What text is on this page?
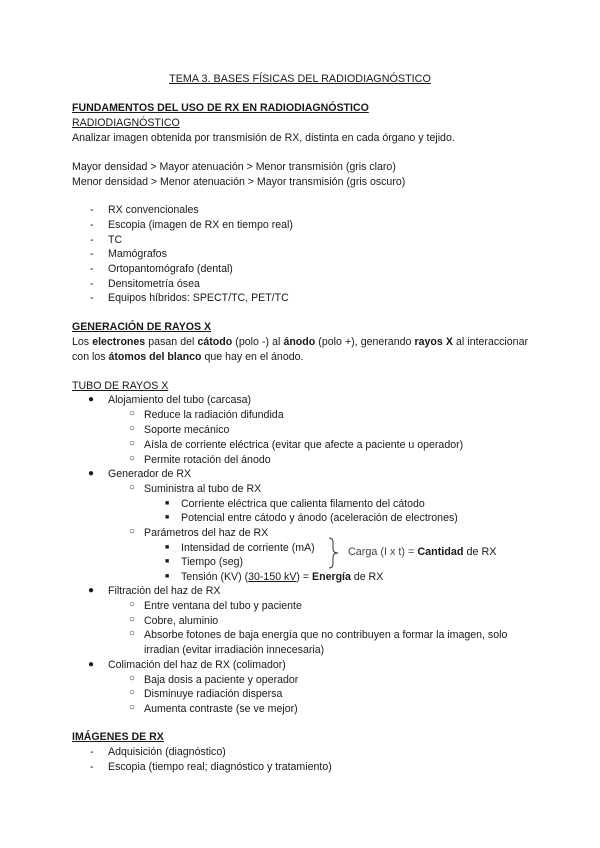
TEMA 3. BASES FÍSICAS DEL RADIODIAGNÓSTICO
FUNDAMENTOS DEL USO DE RX EN RADIODIAGNÓSTICO
RADIODIAGNÓSTICO
Analizar imagen obtenida por transmisión de RX, distinta en cada órgano y tejido.
Mayor densidad > Mayor atenuación > Menor transmisión (gris claro)
Menor densidad > Menor atenuación > Mayor transmisión (gris oscuro)
- RX convencionales
- Escopia (imagen de RX en tiempo real)
- TC
- Mamógrafos
- Ortopantomógrafo (dental)
- Densitometría ósea
- Equipos híbridos: SPECT/TC, PET/TC
GENERACIÓN DE RAYOS X
Los electrones pasan del cátodo (polo -) al ánodo (polo +), generando rayos X al interaccionar con los átomos del blanco que hay en el ánodo.
TUBO DE RAYOS X
● Alojamiento del tubo (carcasa)
○ Reduce la radiación difundida
○ Soporte mecánico
○ Aísla de corriente eléctrica (evitar que afecte a paciente u operador)
○ Permite rotación del ánodo
● Generador de RX
○ Suministra al tubo de RX
■ Corriente eléctrica que calienta filamento del cátodo
■ Potencial entre cátodo y ánodo (aceleración de electrones)
○ Parámetros del haz de RX
■ Intensidad de corriente (mA)
■ Tiempo (seg)
■ Tensión (KV) (30-150 kV) = Energía de RX
Carga (I x t) = Cantidad de RX
● Filtración del haz de RX
○ Entre ventana del tubo y paciente
○ Cobre, aluminio
○ Absorbe fotones de baja energía que no contribuyen a formar la imagen, solo
irradian (evitar irradiación innecesaria)
● Colimación del haz de RX (colimador)
○ Baja dosis a paciente y operador
○ Disminuye radiación dispersa
○ Aumenta contraste (se ve mejor)
IMÁGENES DE RX
- Adquisición (diagnóstico)
- Escopia (tiempo real; diagnóstico y tratamiento)
